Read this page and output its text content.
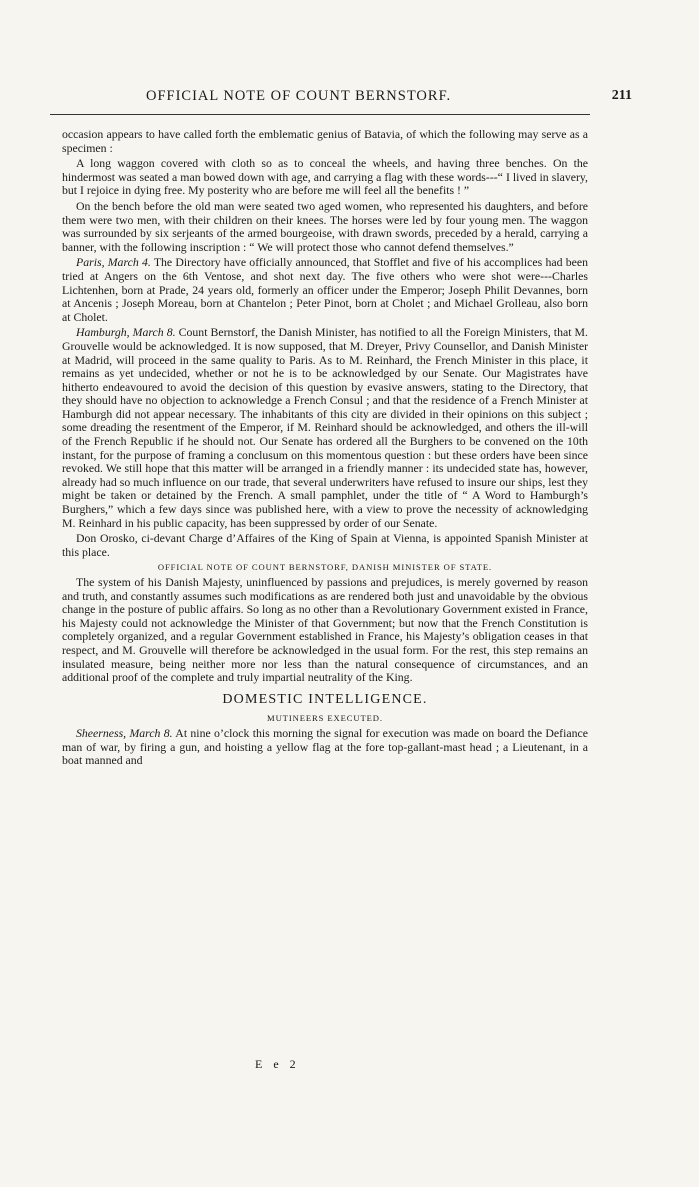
OFFICIAL NOTE OF COUNT BERNSTORF.	211

occasion appears to have called forth the emblematic genius of Batavia, of which the following may serve as a specimen :

A long waggon covered with cloth so as to conceal the wheels, and having three benches. On the hindermost was seated a man bowed down with age, and carrying a flag with these words---“ I lived in slavery, but I rejoice in dying free. My posterity who are before me will feel all the benefits ! ”

On the bench before the old man were seated two aged women, who represented his daughters, and before them were two men, with their children on their knees. The horses were led by four young men. The waggon was surrounded by six serjeants of the armed bourgeoise, with drawn swords, preceded by a herald, carrying a banner, with the following inscription : “ We will protect those who cannot defend themselves.”

Paris, March 4. The Directory have officially announced, that Stofflet and five of his accomplices had been tried at Angers on the 6th Ventose, and shot next day. The five others who were shot were---Charles Lichtenhen, born at Prade, 24 years old, formerly an officer under the Emperor; Joseph Philit Devannes, born at Ancenis ; Joseph Moreau, born at Chantelon ; Peter Pinot, born at Cholet ; and Michael Grolleau, also born at Cholet.

Hamburgh, March 8. Count Bernstorf, the Danish Minister, has notified to all the Foreign Ministers, that M. Grouvelle would be acknowledged. It is now supposed, that M. Dreyer, Privy Counsellor, and Danish Minister at Madrid, will proceed in the same quality to Paris. As to M. Reinhard, the French Minister in this place, it remains as yet undecided, whether or not he is to be acknowledged by our Senate. Our Magistrates have hitherto endeavoured to avoid the decision of this question by evasive answers, stating to the Directory, that they should have no objection to acknowledge a French Consul ; and that the residence of a French Minister at Hamburgh did not appear necessary. The inhabitants of this city are divided in their opinions on this subject ; some dreading the resentment of the Emperor, if M. Reinhard should be acknowledged, and others the ill-will of the French Republic if he should not. Our Senate has ordered all the Burghers to be convened on the 10th instant, for the purpose of framing a conclusum on this momentous question : but these orders have been since revoked. We still hope that this matter will be arranged in a friendly manner : its undecided state has, however, already had so much influence on our trade, that several underwriters have refused to insure our ships, lest they might be taken or detained by the French. A small pamphlet, under the title of “ A Word to Hamburgh’s Burghers,” which a few days since was published here, with a view to prove the necessity of acknowledging M. Reinhard in his public capacity, has been suppressed by order of our Senate.

Don Orosko, ci-devant Charge d’Affaires of the King of Spain at Vienna, is appointed Spanish Minister at this place.

OFFICIAL NOTE OF COUNT BERNSTORF, DANISH MINISTER OF STATE.

The system of his Danish Majesty, uninfluenced by passions and prejudices, is merely governed by reason and truth, and constantly assumes such modifications as are rendered both just and unavoidable by the obvious change in the posture of public affairs. So long as no other than a Revolutionary Government existed in France, his Majesty could not acknowledge the Minister of that Government; but now that the French Constitution is completely organized, and a regular Government established in France, his Majesty’s obligation ceases in that respect, and M. Grouvelle will therefore be acknowledged in the usual form. For the rest, this step remains an insulated measure, being neither more nor less than the natural consequence of circumstances, and an additional proof of the complete and truly impartial neutrality of the King.

DOMESTIC INTELLIGENCE.
MUTINEERS EXECUTED.

Sheerness, March 8. At nine o’clock this morning the signal for execution was made on board the Defiance man of war, by firing a gun, and hoisting a yellow flag at the fore top-gallant-mast head ; a Lieutenant, in a boat manned and

E e 2
